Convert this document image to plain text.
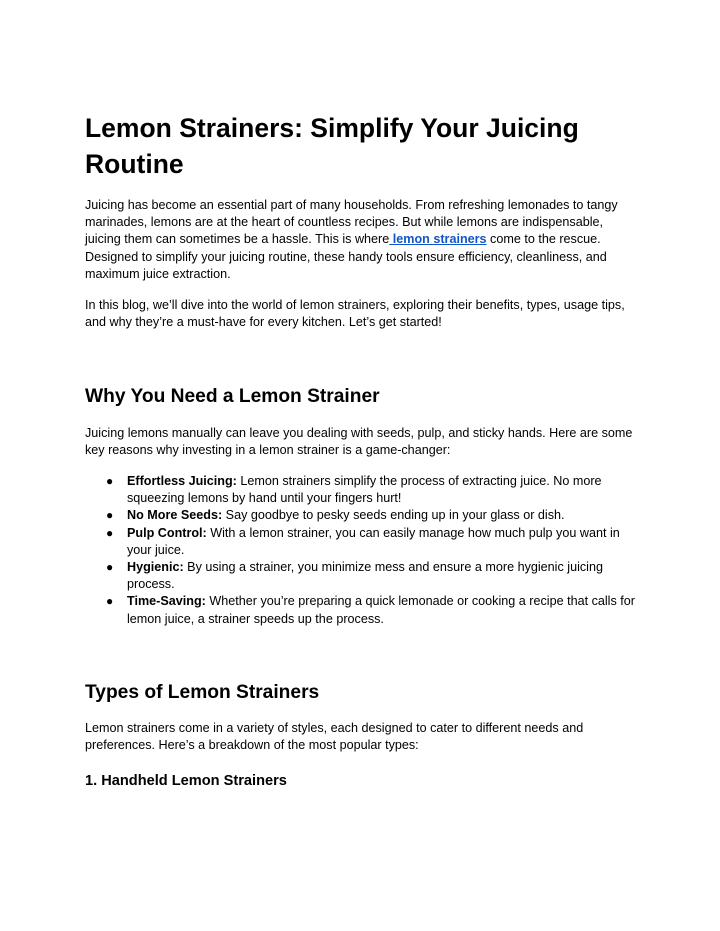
Lemon Strainers: Simplify Your Juicing Routine

Juicing has become an essential part of many households. From refreshing lemonades to tangy marinades, lemons are at the heart of countless recipes. But while lemons are indispensable, juicing them can sometimes be a hassle. This is where lemon strainers come to the rescue. Designed to simplify your juicing routine, these handy tools ensure efficiency, cleanliness, and maximum juice extraction.

In this blog, we’ll dive into the world of lemon strainers, exploring their benefits, types, usage tips, and why they’re a must-have for every kitchen. Let’s get started!

Why You Need a Lemon Strainer

Juicing lemons manually can leave you dealing with seeds, pulp, and sticky hands. Here are some key reasons why investing in a lemon strainer is a game-changer:

● Effortless Juicing: Lemon strainers simplify the process of extracting juice. No more squeezing lemons by hand until your fingers hurt!
● No More Seeds: Say goodbye to pesky seeds ending up in your glass or dish.
● Pulp Control: With a lemon strainer, you can easily manage how much pulp you want in your juice.
● Hygienic: By using a strainer, you minimize mess and ensure a more hygienic juicing process.
● Time-Saving: Whether you’re preparing a quick lemonade or cooking a recipe that calls for lemon juice, a strainer speeds up the process.
Types of Lemon Strainers

Lemon strainers come in a variety of styles, each designed to cater to different needs and preferences. Here’s a breakdown of the most popular types:

1. Handheld Lemon Strainers
